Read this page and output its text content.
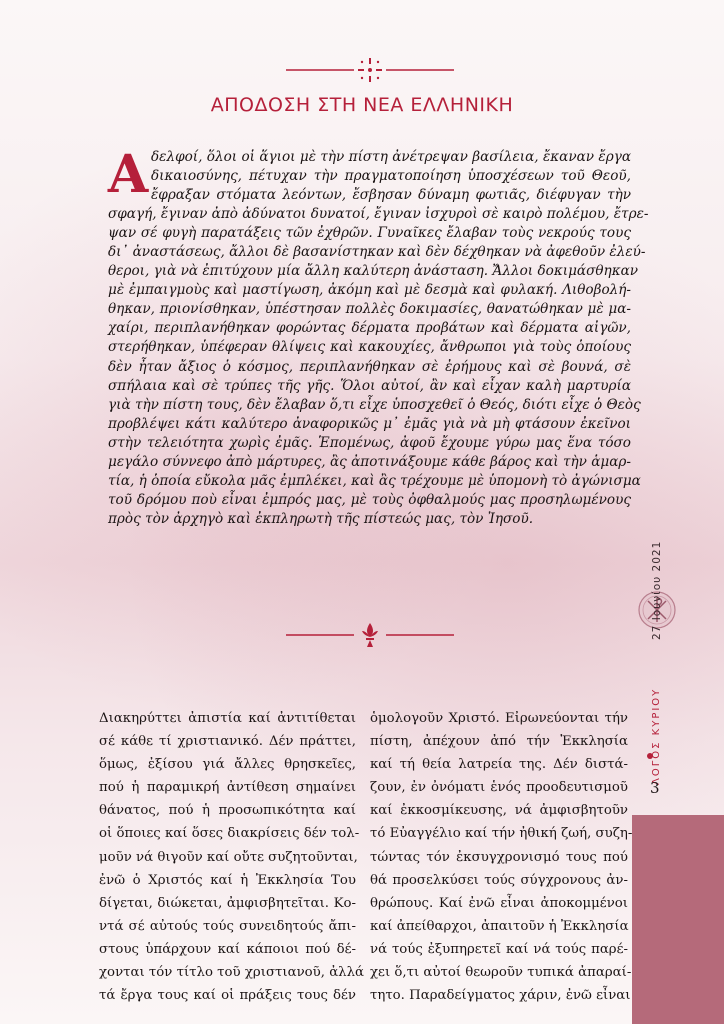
ΑΠΟΔΟΣΗ ΣΤΗ ΝΕΑ ΕΛΛΗΝΙΚΗ
Α δελφοί, ὅλοι οἱ ἅγιοι μὲ τὴν πίστη ἀνέτρεψαν βασίλεια, ἔκαναν ἔργα
δικαιοσύνης, πέτυχαν τὴν πραγματοποίηση ὑποσχέσεων τοῦ Θεοῦ,
ἔφραξαν στόματα λεόντων, ἔσβησαν δύναμη φωτιᾶς, διέφυγαν τὴν
σφαγή, ἔγιναν ἀπὸ ἀδύνατοι δυνατοί, ἔγιναν ἰσχυροὶ σὲ καιρὸ πολέμου, ἔτρε-
ψαν σέ φυγὴ παρατάξεις τῶν ἐχθρῶν. Γυναῖκες ἔλαβαν τοὺς νεκρούς τους
δι᾽ ἀναστάσεως, ἄλλοι δὲ βασανίστηκαν καὶ δὲν δέχθηκαν νὰ ἀφεθοῦν ἐλεύ-
θεροι, γιὰ νὰ ἐπιτύχουν μία ἄλλη καλύτερη ἀνάσταση. Ἄλλοι δοκιμάσθηκαν
μὲ ἐμπαιγμοὺς καὶ μαστίγωση, ἀκόμη καὶ μὲ δεσμὰ καὶ φυλακή. Λιθοβολή-
θηκαν, πριονίσθηκαν, ὑπέστησαν πολλὲς δοκιμασίες, θανατώθηκαν μὲ μα-
χαίρι, περιπλανήθηκαν φορώντας δέρματα προβάτων καὶ δέρματα αἰγῶν,
στερήθηκαν, ὑπέφεραν θλίψεις καὶ κακουχίες, ἄνθρωποι γιὰ τοὺς ὁποίους
δὲν ἦταν ἄξιος ὁ κόσμος, περιπλανήθηκαν σὲ ἐρήμους καὶ σὲ βουνά, σὲ
σπήλαια καὶ σὲ τρύπες τῆς γῆς. Ὅλοι αὐτοί, ἂν καὶ εἶχαν καλὴ μαρτυρία
γιὰ τὴν πίστη τους, δὲν ἔλαβαν ὅ,τι εἶχε ὑποσχεθεῖ ὁ Θεός, διότι εἶχε ὁ Θεὸς
προβλέψει κάτι καλύτερο ἀναφορικῶς μ᾽ ἐμᾶς γιὰ νὰ μὴ φτάσουν ἐκεῖνοι
στὴν τελειότητα χωρὶς ἐμᾶς. Ἑπομένως, ἀφοῦ ἔχουμε γύρω μας ἕνα τόσο
μεγάλο σύννεφο ἀπὸ μάρτυρες, ἂς ἀποτινάξουμε κάθε βάρος καὶ τὴν ἁμαρ-
τία, ἡ ὁποία εὔκολα μᾶς ἐμπλέκει, καὶ ἂς τρέχουμε μὲ ὑπομονὴ τὸ ἀγώνισμα
τοῦ δρόμου ποὺ εἶναι ἐμπρός μας, μὲ τοὺς ὀφθαλμούς μας προσηλωμένους
πρὸς τὸν ἀρχηγὸ καὶ ἐκπληρωτὴ τῆς πίστεώς μας, τὸν Ἰησοῦ.
Διακηρύττει ἀπιστία καί ἀντιτίθεται
σέ κάθε τί χριστιανικό. Δέν πράττει,
ὅμως, ἐξίσου γιά ἄλλες θρησκεῖες,
πού ἡ παραμικρή ἀντίθεση σημαίνει
θάνατος, πού ἡ προσωπικότητα καί
οἱ ὅποιες καί ὅσες διακρίσεις δέν τολ-
μοῦν νά θιγοῦν καί οὔτε συζητοῦνται,
ἐνῶ ὁ Χριστός καί ἡ Ἐκκλησία Του
δίγεται, διώκεται, ἀμφισβητεῖται. Κο-
ντά σέ αὐτούς τούς συνειδητούς ἄπι-
στους ὑπάρχουν καί κάποιοι πού δέ-
χονται τόν τίτλο τοῦ χριστιανοῦ, ἀλλά
τά ἔργα τους καί οἱ πράξεις τους δέν
ὁμολογοῦν Χριστό. Εἰρωνεύονται τήν
πίστη, ἀπέχουν ἀπό τήν Ἐκκλησία
καί τή θεία λατρεία της. Δέν διστά-
ζουν, ἐν ὀνόματι ἑνός προοδευτισμοῦ
καί ἐκκοσμίκευσης, νά ἀμφισβητοῦν
τό Εὐαγγέλιο καί τήν ἠθική ζωή, συζη-
τώντας τόν ἐκσυγχρονισμό τους πού
θά προσελκύσει τούς σύγχρονους ἀν-
θρώπους. Καί ἐνῶ εἶναι ἀποκομμένοι
καί ἀπείθαρχοι, ἀπαιτοῦν ἡ Ἐκκλησία
νά τούς ἐξυπηρετεῖ καί νά τούς παρέ-
χει ὅ,τι αὐτοί θεωροῦν τυπικά ἀπαραί-
τητο. Παραδείγματος χάριν, ἐνῶ εἶναι
27 Ιουνίου 2021
ΛΟΓΟΣ ΚΥΡΙΟΥ
3
